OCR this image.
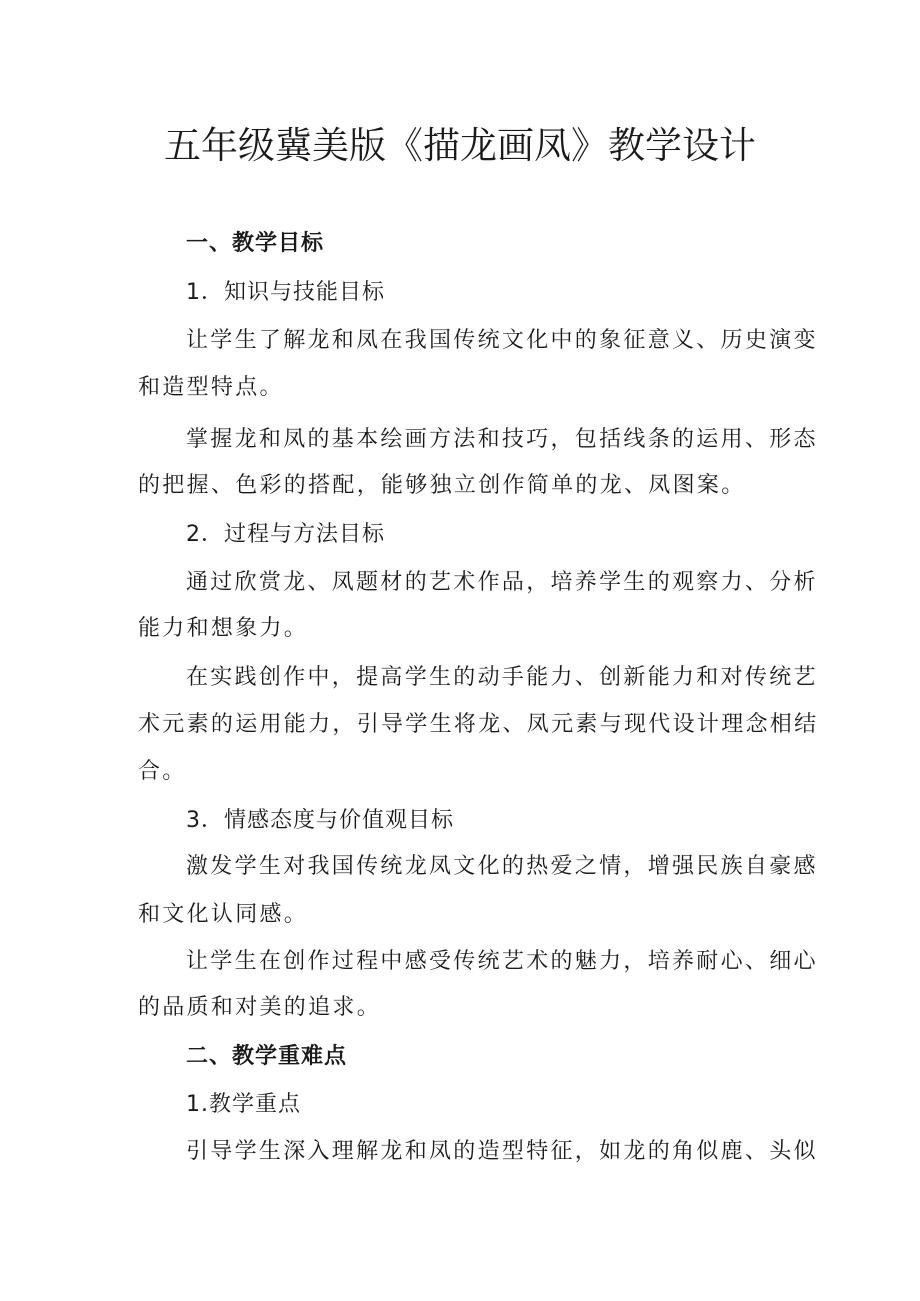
五年级冀美版《描龙画凤》教学设计

一、教学目标

1．知识与技能目标

让学生了解龙和凤在我国传统文化中的象征意义、历史演变

和造型特点。

掌握龙和凤的基本绘画方法和技巧，包括线条的运用、形态

的把握、色彩的搭配，能够独立创作简单的龙、凤图案。

2．过程与方法目标

通过欣赏龙、凤题材的艺术作品，培养学生的观察力、分析

能力和想象力。

在实践创作中，提高学生的动手能力、创新能力和对传统艺

术元素的运用能力，引导学生将龙、凤元素与现代设计理念相结

合。

3．情感态度与价值观目标

激发学生对我国传统龙凤文化的热爱之情，增强民族自豪感

和文化认同感。

让学生在创作过程中感受传统艺术的魅力，培养耐心、细心

的品质和对美的追求。

二、教学重难点

1.教学重点

引导学生深入理解龙和凤的造型特征，如龙的角似鹿、头似
